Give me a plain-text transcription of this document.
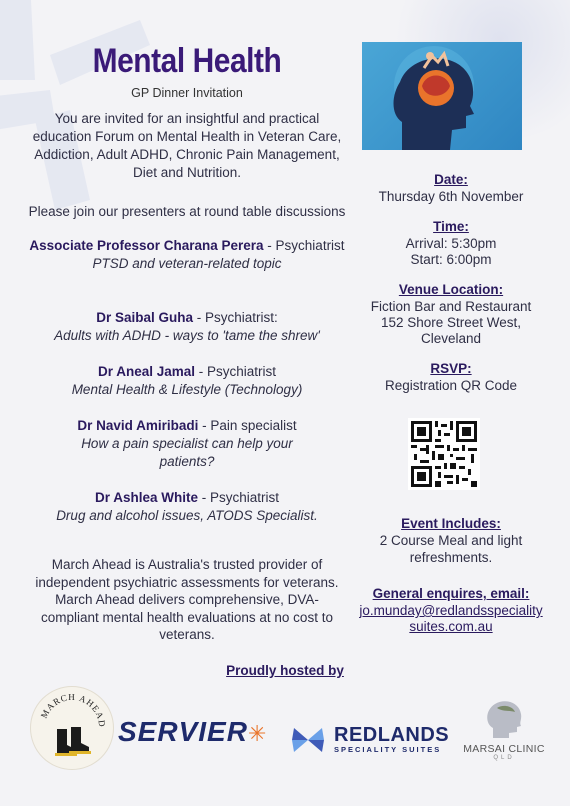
Mental Health
GP Dinner Invitation
You are invited for an insightful and practical education Forum on Mental Health in Veteran Care, Addiction, Adult ADHD, Chronic Pain Management, Diet and Nutrition.
Please join our presenters at round table discussions
Associate Professor Charana Perera - Psychiatrist
PTSD and veteran-related topic
Dr Saibal Guha - Psychiatrist:
Adults with ADHD - ways to 'tame the shrew'
Dr Aneal Jamal - Psychiatrist
Mental Health & Lifestyle (Technology)
Dr Navid Amiribadi - Pain specialist
How a pain specialist can help your patients?
Dr Ashlea White - Psychiatrist
Drug and alcohol issues, ATODS Specialist.
March Ahead is Australia's trusted provider of independent psychiatric assessments for veterans. March Ahead delivers comprehensive, DVA-compliant mental health evaluations at no cost to veterans.
Date:
Thursday 6th November
Time:
Arrival: 5:30pm
Start: 6:00pm
Venue Location:
Fiction Bar and Restaurant
152 Shore Street West,
Cleveland
RSVP:
Registration QR Code
Event Includes:
2 Course Meal and light refreshments.
General enquires, email:
jo.munday@redlandsspeciality
suites.com.au
Proudly hosted by
MARCH AHEAD SERVIER✳	REDLANDS
SPECIALITY SUITES	MARSAI CLINIC
QLD
